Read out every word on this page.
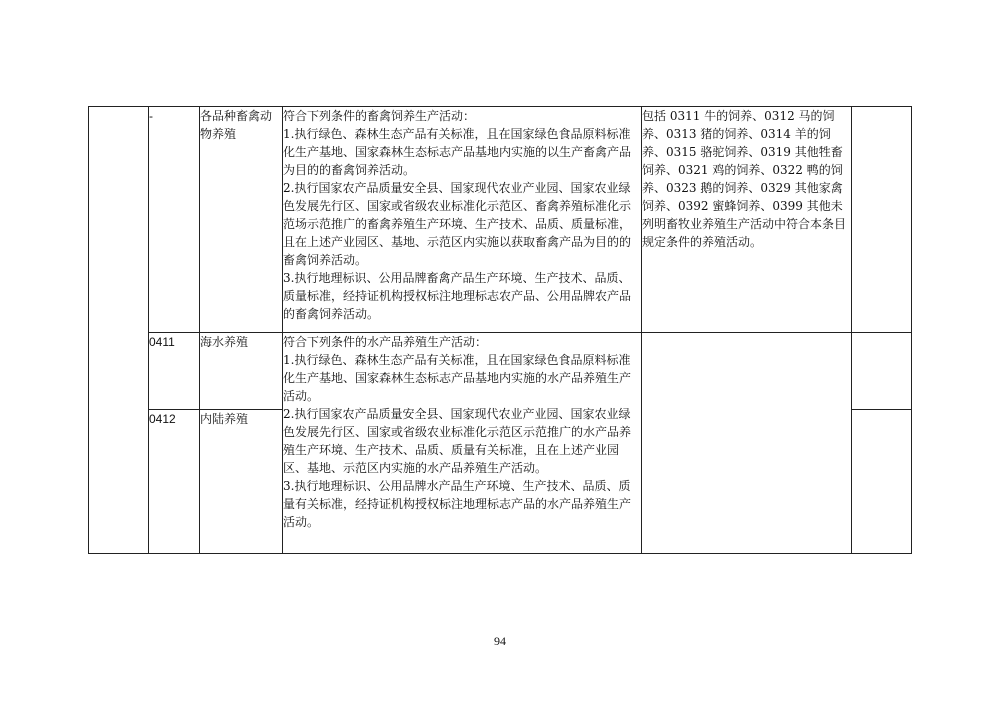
	-	各品种畜禽动物养殖	符合下列条件的畜禽饲养生产活动：
1.执行绿色、森林生态产品有关标准，且在国家绿色食品原料标准化生产基地、国家森林生态标志产品基地内实施的以生产畜禽产品为目的的畜禽饲养活动。
2.执行国家农产品质量安全县、国家现代农业产业园、国家农业绿色发展先行区、国家或省级农业标准化示范区、畜禽养殖标准化示范场示范推广的畜禽养殖生产环境、生产技术、品质、质量标准，且在上述产业园区、基地、示范区内实施以获取畜禽产品为目的的畜禽饲养活动。
3.执行地理标识、公用品牌畜禽产品生产环境、生产技术、品质、质量标准，经持证机构授权标注地理标志农产品、公用品牌农产品的畜禽饲养活动。	包括 0311 牛的饲养、0312 马的饲养、0313 猪的饲养、0314 羊的饲养、0315 骆驼饲养、0319 其他牲畜饲养、0321 鸡的饲养、0322 鸭的饲养、0323 鹅的饲养、0329 其他家禽饲养、0392 蜜蜂饲养、0399 其他未列明畜牧业养殖生产活动中符合本条目规定条件的养殖活动。	
	0411	海水养殖	符合下列条件的水产品养殖生产活动：
1.执行绿色、森林生态产品有关标准，且在国家绿色食品原料标准化生产基地、国家森林生态标志产品基地内实施的水产品养殖生产活动。
2.执行国家农产品质量安全县、国家现代农业产业园、国家农业绿色发展先行区、国家或省级农业标准化示范区示范推广的水产品养殖生产环境、生产技术、品质、质量有关标准，且在上述产业园区、基地、示范区内实施的水产品养殖生产活动。
3.执行地理标识、公用品牌水产品生产环境、生产技术、品质、质量有关标准，经持证机构授权标注地理标志产品的水产品养殖生产活动。		

	0412	内陆养殖			
94
